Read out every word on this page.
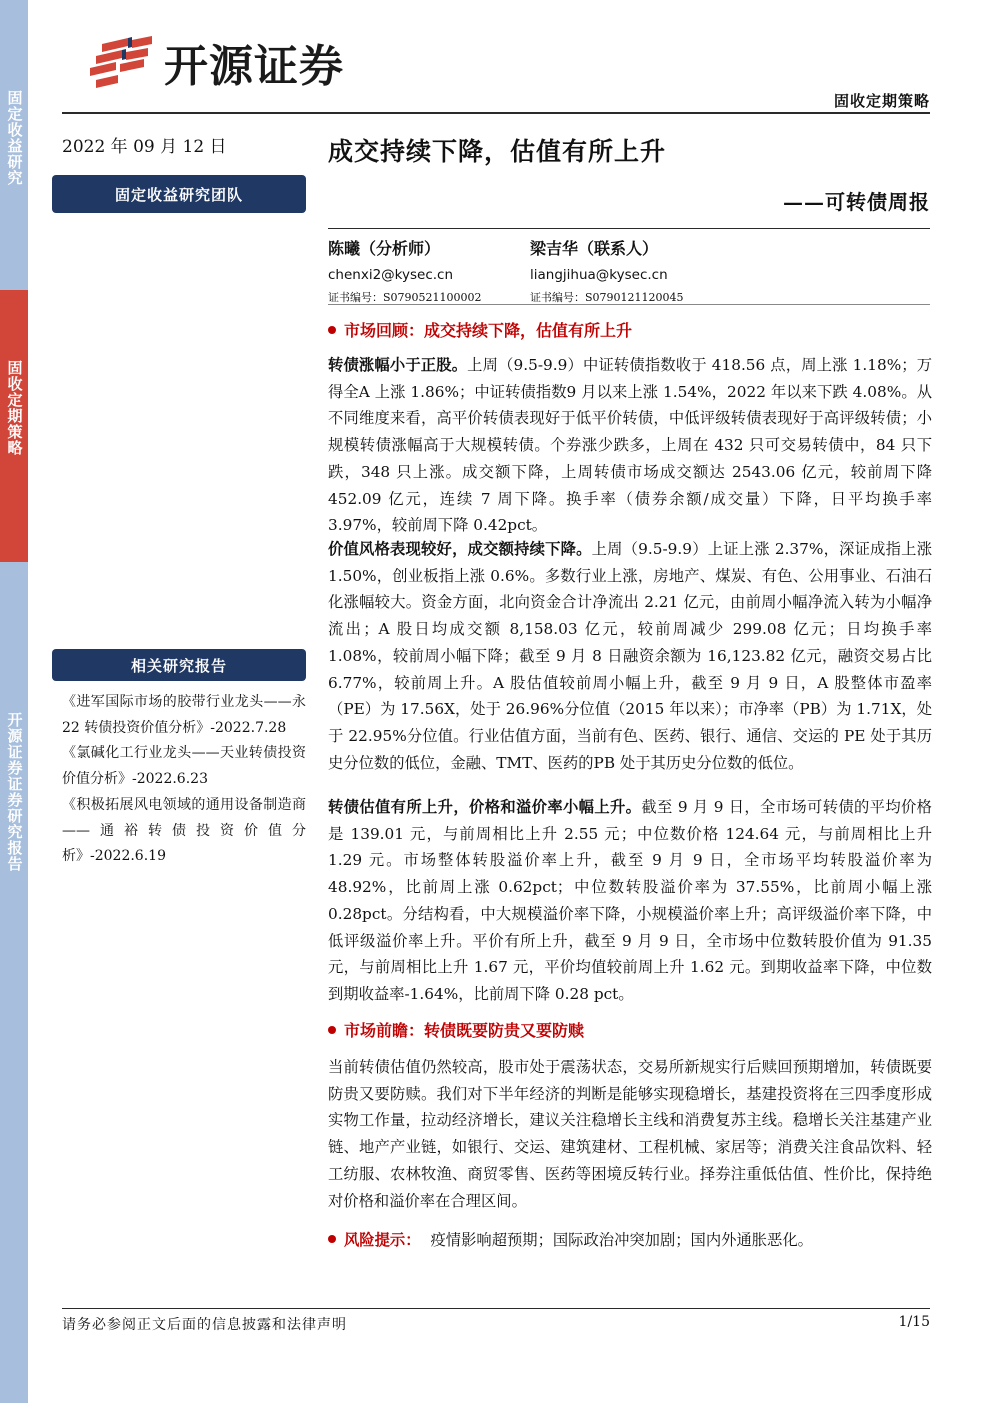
固定收益研究
固收定期策略
开源证券证券研究报告
开源证券
固收定期策略
2022 年 09 月 12 日
固定收益研究团队
相关研究报告

《进军国际市场的胶带行业龙头——永 22 转债投资价值分析》-2022.7.28

《氯碱化工行业龙头——天业转债投资价值分析》-2022.6.23

《积极拓展风电领域的通用设备制造商——通裕转债投资价值分析》-2022.6.19

成交持续下降，估值有所上升
——可转债周报
陈曦（分析师）
chenxi2@kysec.cn
证书编号：S0790521100002
梁吉华（联系人）
liangjihua@kysec.cn
证书编号：S0790121120045
市场回顾：成交持续下降，估值有所上升
转债涨幅小于正股。上周（9.5-9.9）中证转债指数收于 418.56 点，周上涨 1.18%；万得全A 上涨 1.86%；中证转债指数9 月以来上涨 1.54%，2022 年以来下跌 4.08%。从不同维度来看，高平价转债表现好于低平价转债，中低评级转债表现好于高评级转债；小规模转债涨幅高于大规模转债。个券涨少跌多，上周在 432 只可交易转债中，84 只下跌，348 只上涨。成交额下降，上周转债市场成交额达 2543.06 亿元，较前周下降 452.09 亿元，连续 7 周下降。换手率（债券余额/成交量）下降，日平均换手率 3.97%，较前周下降 0.42pct。
价值风格表现较好，成交额持续下降。上周（9.5-9.9）上证上涨 2.37%，深证成指上涨 1.50%，创业板指上涨 0.6%。多数行业上涨，房地产、煤炭、有色、公用事业、石油石化涨幅较大。资金方面，北向资金合计净流出 2.21 亿元，由前周小幅净流入转为小幅净流出；A 股日均成交额 8,158.03 亿元，较前周减少 299.08 亿元；日均换手率 1.08%，较前周小幅下降；截至 9 月 8 日融资余额为 16,123.82 亿元，融资交易占比 6.77%，较前周上升。A 股估值较前周小幅上升，截至 9 月 9 日，A 股整体市盈率（PE）为 17.56X，处于 26.96%分位值（2015 年以来）；市净率（PB）为 1.71X，处于 22.95%分位值。行业估值方面，当前有色、医药、银行、通信、交运的 PE 处于其历史分位数的低位，金融、TMT、医药的PB 处于其历史分位数的低位。
转债估值有所上升，价格和溢价率小幅上升。截至 9 月 9 日，全市场可转债的平均价格是 139.01 元，与前周相比上升 2.55 元；中位数价格 124.64 元，与前周相比上升 1.29 元。市场整体转股溢价率上升，截至 9 月 9 日，全市场平均转股溢价率为 48.92%，比前周上涨 0.62pct；中位数转股溢价率为 37.55%，比前周小幅上涨 0.28pct。分结构看，中大规模溢价率下降，小规模溢价率上升；高评级溢价率下降，中低评级溢价率上升。平价有所上升，截至 9 月 9 日，全市场中位数转股价值为 91.35 元，与前周相比上升 1.67 元，平价均值较前周上升 1.62 元。到期收益率下降，中位数到期收益率-1.64%，比前周下降 0.28 pct。
市场前瞻：转债既要防贵又要防赎
当前转债估值仍然较高，股市处于震荡状态，交易所新规实行后赎回预期增加，转债既要防贵又要防赎。我们对下半年经济的判断是能够实现稳增长，基建投资将在三四季度形成实物工作量，拉动经济增长，建议关注稳增长主线和消费复苏主线。稳增长关注基建产业链、地产产业链，如银行、交运、建筑建材、工程机械、家居等；消费关注食品饮料、轻工纺服、农林牧渔、商贸零售、医药等困境反转行业。择券注重低估值、性价比，保持绝对价格和溢价率在合理区间。
风险提示： 疫情影响超预期；国际政治冲突加剧；国内外通胀恶化。
请务必参阅正文后面的信息披露和法律声明	1/15
